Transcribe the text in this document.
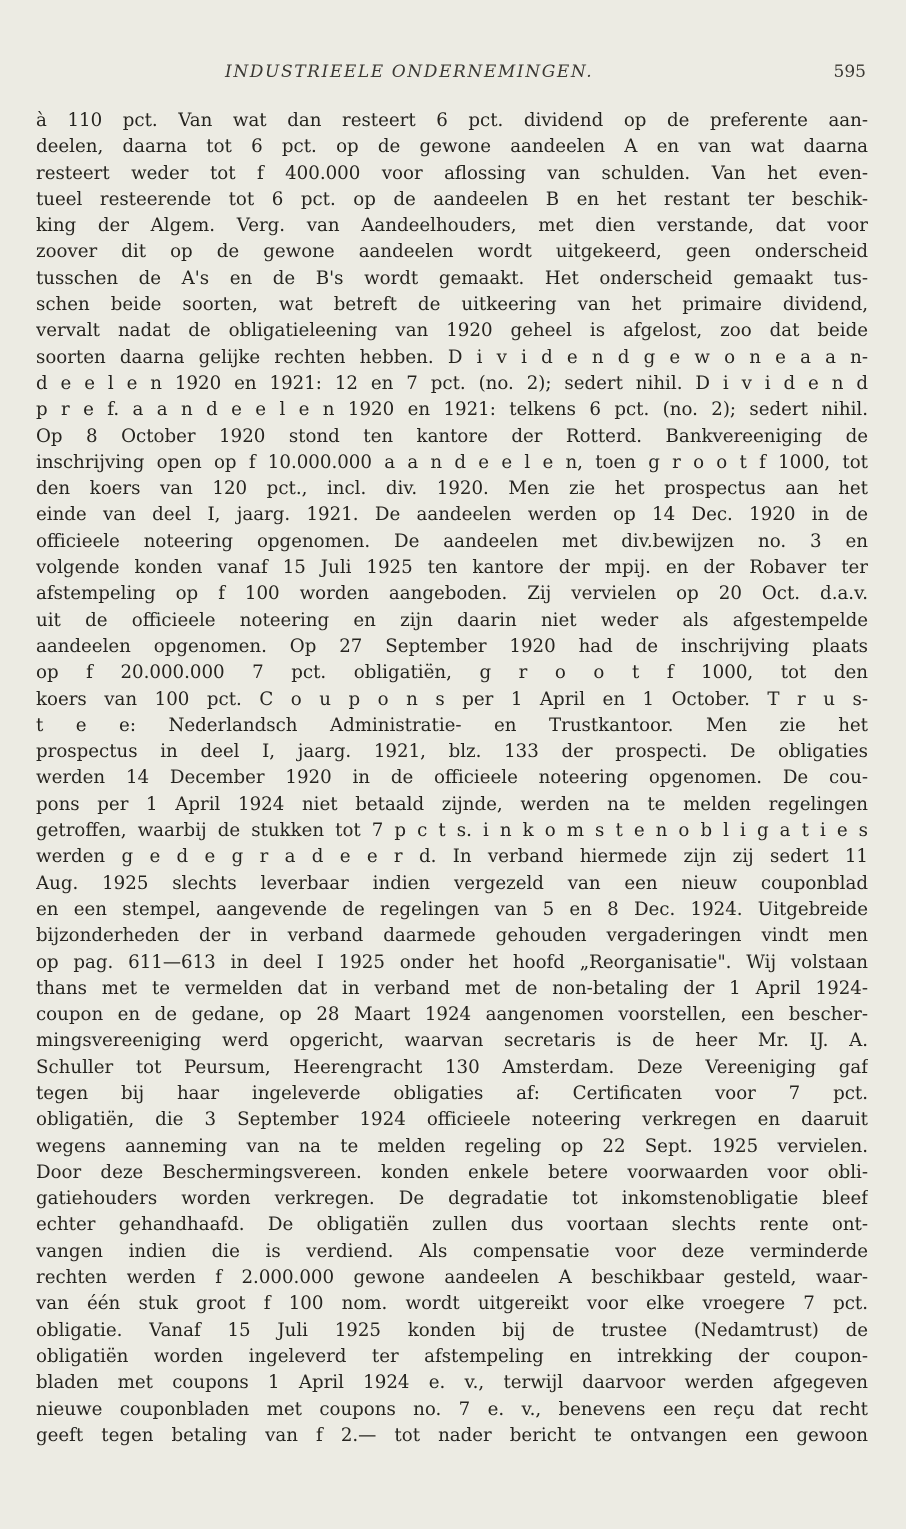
INDUSTRIEELE ONDERNEMINGEN.	595
à 110 pct. Van wat dan resteert 6 pct. dividend op de preferente aan-
deelen, daarna tot 6 pct. op de gewone aandeelen A en van wat daarna
resteert weder tot f 400.000 voor aflossing van schulden. Van het even-
tueel resteerende tot 6 pct. op de aandeelen B en het restant ter beschik-
king der Algem. Verg. van Aandeelhouders, met dien verstande, dat voor
zoover dit op de gewone aandeelen wordt uitgekeerd, geen onderscheid
tusschen de A's en de B's wordt gemaakt. Het onderscheid gemaakt tus-
schen beide soorten, wat betreft de uitkeering van het primaire dividend,
vervalt nadat de obligatieleening van 1920 geheel is afgelost, zoo dat beide
soorten daarna gelijke rechten hebben. D i v i d e n d g e w o n e a a n-
d e e l e n 1920 en 1921: 12 en 7 pct. (no. 2); sedert nihil. D i v i d e n d
p r e f. a a n d e e l e n 1920 en 1921: telkens 6 pct. (no. 2); sedert nihil.
Op 8 October 1920 stond ten kantore der Rotterd. Bankvereeniging de
inschrijving open op f 10.000.000 a a n d e e l e n, toen g r o o t f 1000, tot
den koers van 120 pct., incl. div. 1920. Men zie het prospectus aan het
einde van deel I, jaarg. 1921. De aandeelen werden op 14 Dec. 1920 in de
officieele noteering opgenomen. De aandeelen met div.bewijzen no. 3 en
volgende konden vanaf 15 Juli 1925 ten kantore der mpij. en der Robaver ter
afstempeling op f 100 worden aangeboden. Zij vervielen op 20 Oct. d.a.v.
uit de officieele noteering en zijn daarin niet weder als afgestempelde
aandeelen opgenomen. Op 27 September 1920 had de inschrijving plaats
op f 20.000.000 7 pct. obligatiën, g r o o t f 1000, tot den
koers van 100 pct. C o u p o n s per 1 April en 1 October. T r u s-
t e e: Nederlandsch Administratie- en Trustkantoor. Men zie het
prospectus in deel I, jaarg. 1921, blz. 133 der prospecti. De obligaties
werden 14 December 1920 in de officieele noteering opgenomen. De cou-
pons per 1 April 1924 niet betaald zijnde, werden na te melden regelingen
getroffen, waarbij de stukken tot 7 p c t s. i n k o m s t e n o b l i g a t i e s
werden g e d e g r a d e e r d. In verband hiermede zijn zij sedert 11
Aug. 1925 slechts leverbaar indien vergezeld van een nieuw couponblad
en een stempel, aangevende de regelingen van 5 en 8 Dec. 1924. Uitgebreide
bijzonderheden der in verband daarmede gehouden vergaderingen vindt men
op pag. 611—613 in deel I 1925 onder het hoofd „Reorganisatie". Wij volstaan
thans met te vermelden dat in verband met de non-betaling der 1 April 1924-
coupon en de gedane, op 28 Maart 1924 aangenomen voorstellen, een bescher-
mingsvereeniging werd opgericht, waarvan secretaris is de heer Mr. IJ. A.
Schuller tot Peursum, Heerengracht 130 Amsterdam. Deze Vereeniging gaf
tegen bij haar ingeleverde obligaties af: Certificaten voor 7 pct.
obligatiën, die 3 September 1924 officieele noteering verkregen en daaruit
wegens aanneming van na te melden regeling op 22 Sept. 1925 vervielen.
Door deze Beschermingsvereen. konden enkele betere voorwaarden voor obli-
gatiehouders worden verkregen. De degradatie tot inkomstenobligatie bleef
echter gehandhaafd. De obligatiën zullen dus voortaan slechts rente ont-
vangen indien die is verdiend. Als compensatie voor deze verminderde
rechten werden f 2.000.000 gewone aandeelen A beschikbaar gesteld, waar-
van één stuk groot f 100 nom. wordt uitgereikt voor elke vroegere 7 pct.
obligatie. Vanaf 15 Juli 1925 konden bij de trustee (Nedamtrust) de
obligatiën worden ingeleverd ter afstempeling en intrekking der coupon-
bladen met coupons 1 April 1924 e. v., terwijl daarvoor werden afgegeven
nieuwe couponbladen met coupons no. 7 e. v., benevens een reçu dat recht
geeft tegen betaling van f 2.— tot nader bericht te ontvangen een gewoon
